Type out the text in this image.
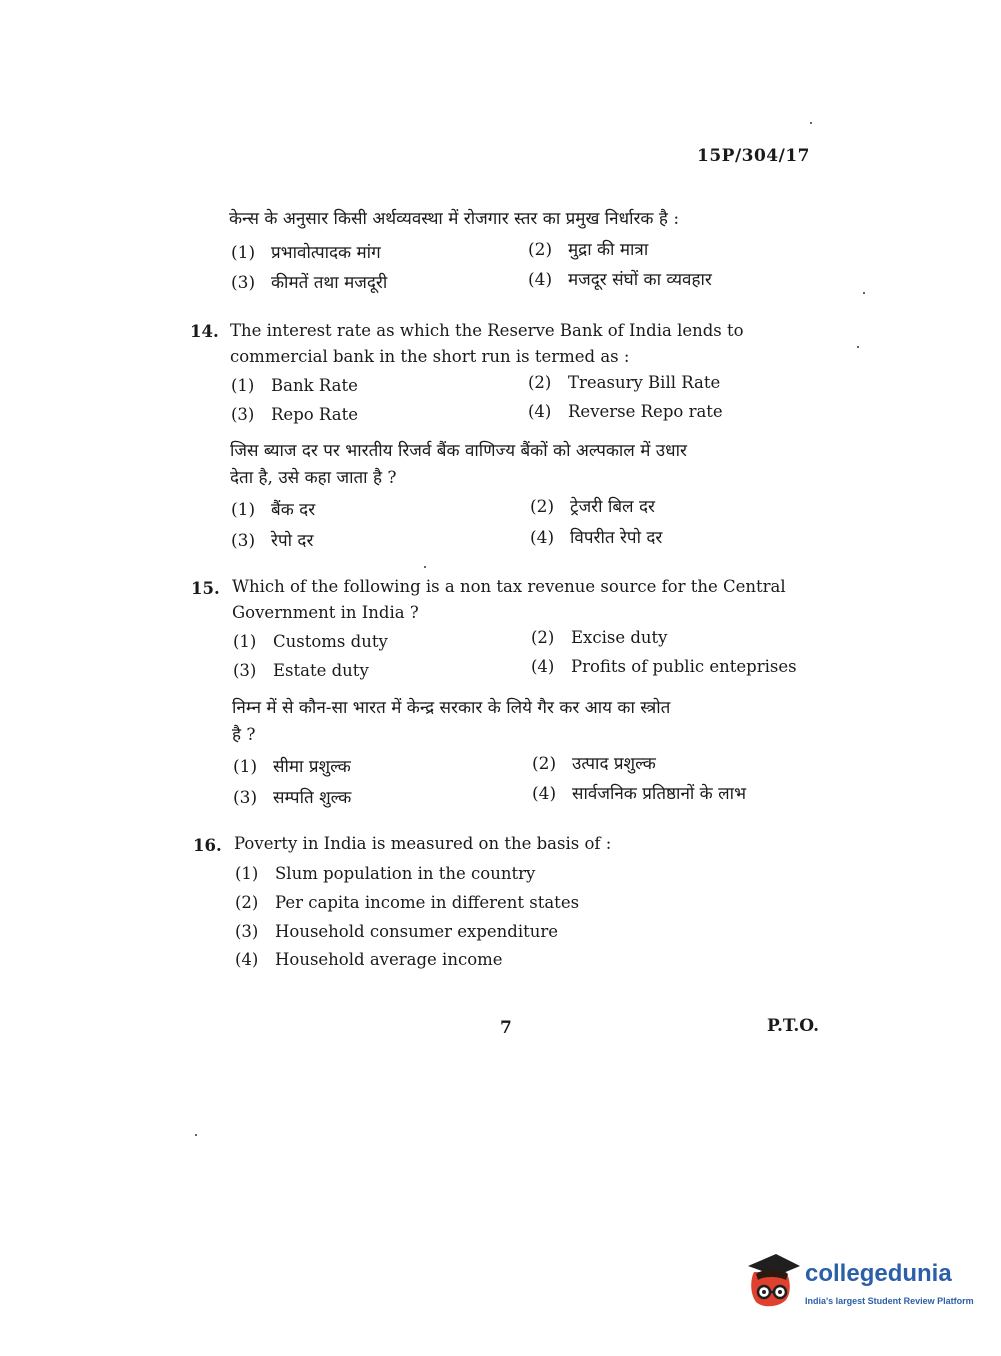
15P/304/17
केन्स के अनुसार किसी अर्थव्यवस्था में रोजगार स्तर का प्रमुख निर्धारक है :
(1) प्रभावोत्पादक मांग	(2) मुद्रा की मात्रा
(3) कीमतें तथा मजदूरी	(4) मजदूर संघों का व्यवहार
14. The interest rate as which the Reserve Bank of India lends to
commercial bank in the short run is termed as :
(1) Bank Rate	(2) Treasury Bill Rate
(3) Repo Rate	(4) Reverse Repo rate
जिस ब्याज दर पर भारतीय रिजर्व बैंक वाणिज्य बैंकों को अल्पकाल में उधार
देता है, उसे कहा जाता है ?
(1) बैंक दर	(2) ट्रेजरी बिल दर
(3) रेपो दर	(4) विपरीत रेपो दर
15. Which of the following is a non tax revenue source for the Central
Government in India ?
(1) Customs duty	(2) Excise duty
(3) Estate duty	(4) Profits of public enteprises
निम्न में से कौन-सा भारत में केन्द्र सरकार के लिये गैर कर आय का स्त्रोत
है ?
(1) सीमा प्रशुल्क	(2) उत्पाद प्रशुल्क
(3) सम्पति शुल्क	(4) सार्वजनिक प्रतिष्ठानों के लाभ
16. Poverty in India is measured on the basis of :
(1) Slum population in the country
(2) Per capita income in different states
(3) Household consumer expenditure
(4) Household average income
7	P.T.O.
collegedunia
India's largest Student Review Platform
